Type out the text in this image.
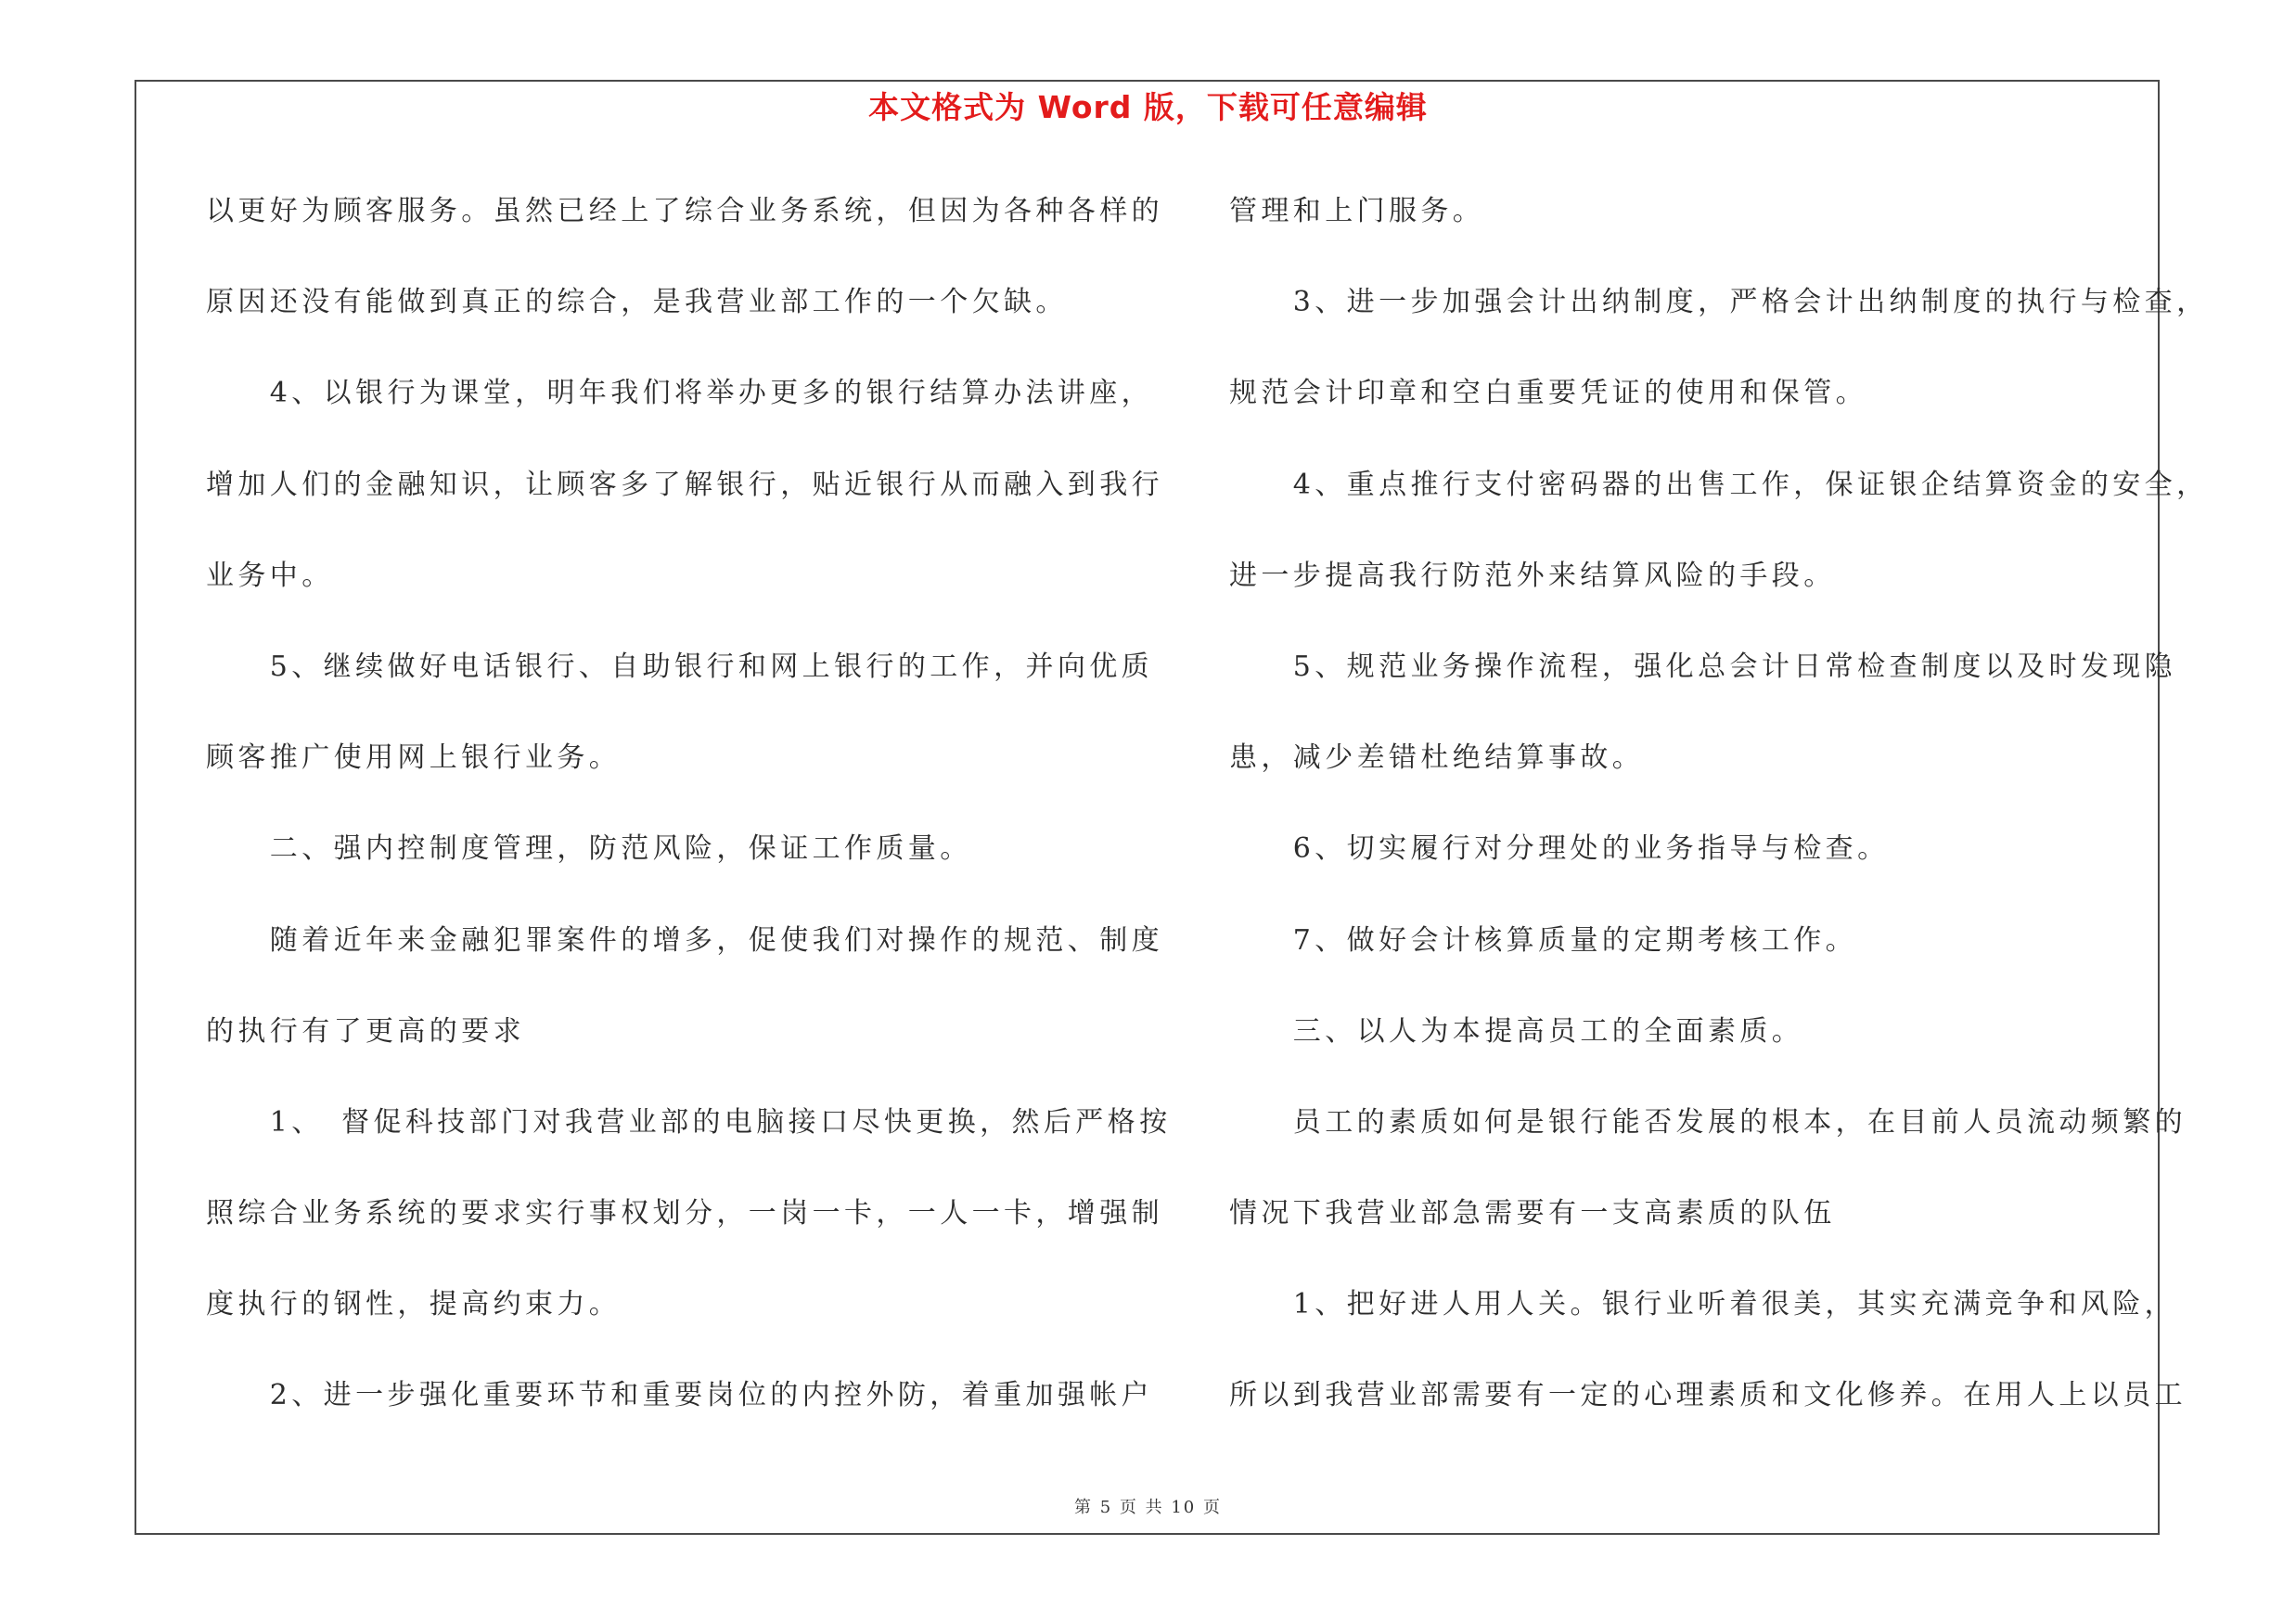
本文格式为 Word 版，下载可任意编辑
以更好为顾客服务。虽然已经上了综合业务系统，但因为各种各样的
原因还没有能做到真正的综合，是我营业部工作的一个欠缺。
　　4、以银行为课堂，明年我们将举办更多的银行结算办法讲座，
增加人们的金融知识，让顾客多了解银行，贴近银行从而融入到我行
业务中。
　　5、继续做好电话银行、自助银行和网上银行的工作，并向优质
顾客推广使用网上银行业务。
　　二、强内控制度管理，防范风险，保证工作质量。
　　随着近年来金融犯罪案件的增多，促使我们对操作的规范、制度
的执行有了更高的要求
　　1、　督促科技部门对我营业部的电脑接口尽快更换，然后严格按
照综合业务系统的要求实行事权划分，一岗一卡，一人一卡，增强制
度执行的钢性，提高约束力。
　　2、进一步强化重要环节和重要岗位的内控外防，着重加强帐户
管理和上门服务。
　　3、进一步加强会计出纳制度，严格会计出纳制度的执行与检查，
规范会计印章和空白重要凭证的使用和保管。
　　4、重点推行支付密码器的出售工作，保证银企结算资金的安全，
进一步提高我行防范外来结算风险的手段。
　　5、规范业务操作流程，强化总会计日常检查制度以及时发现隐
患，减少差错杜绝结算事故。
　　6、切实履行对分理处的业务指导与检查。
　　7、做好会计核算质量的定期考核工作。
　　三、以人为本提高员工的全面素质。
　　员工的素质如何是银行能否发展的根本，在目前人员流动频繁的
情况下我营业部急需要有一支高素质的队伍
　　1、把好进人用人关。银行业听着很美，其实充满竞争和风险，
所以到我营业部需要有一定的心理素质和文化修养。在用人上以员工
第 5 页 共 10 页
